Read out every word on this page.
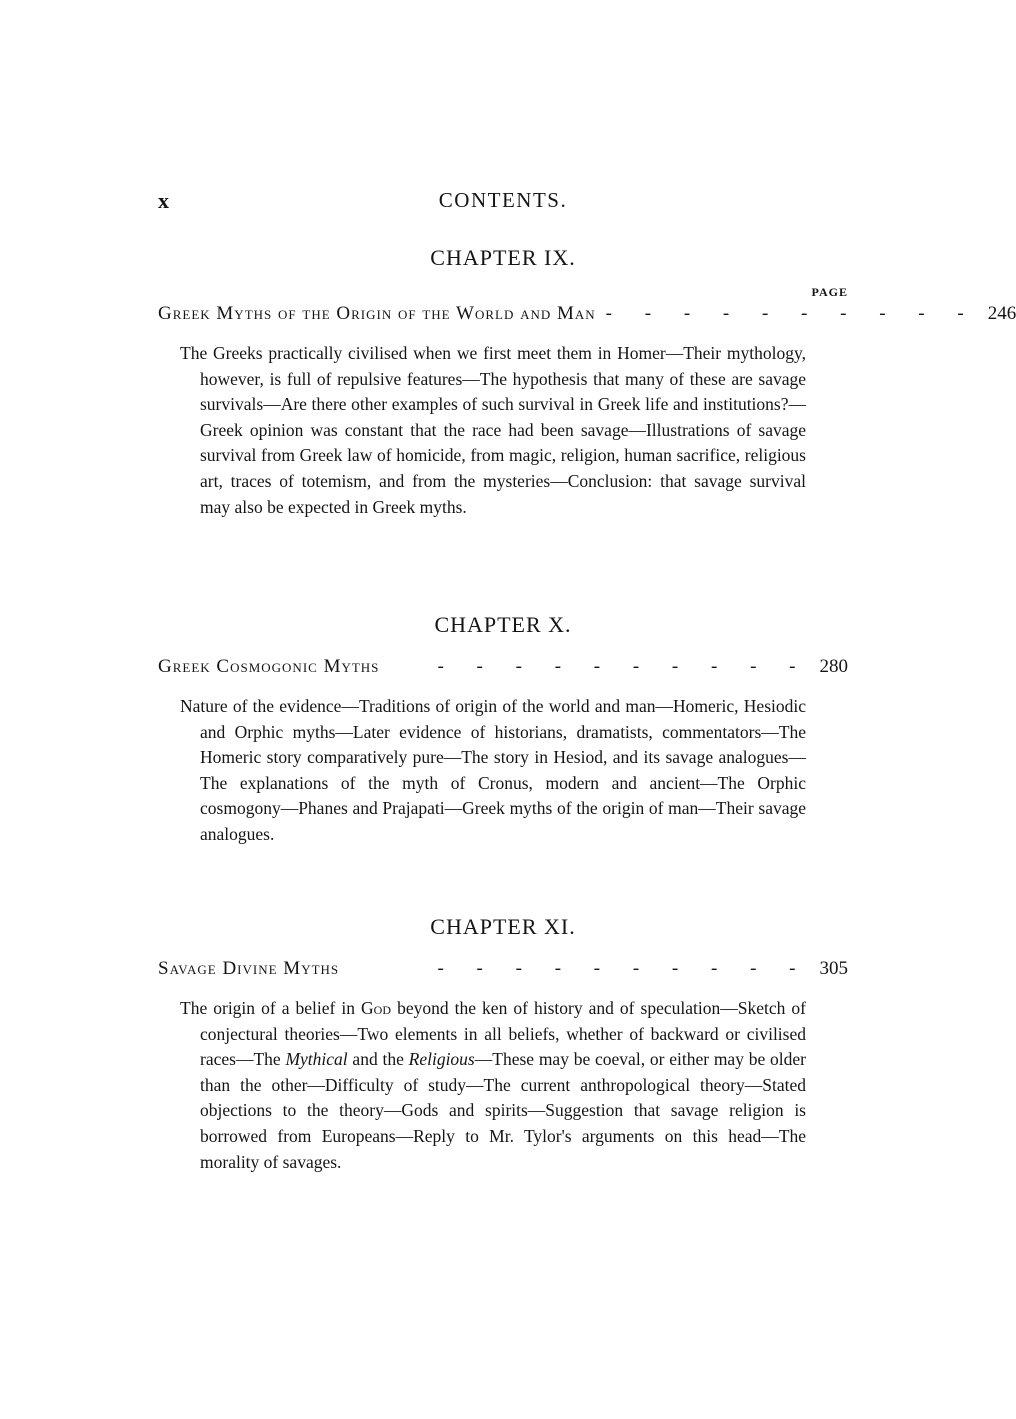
x	CONTENTS.
CHAPTER IX.
PAGE
Greek Myths of the Origin of the World and Man - - - - - - - - - - 246

The Greeks practically civilised when we first meet them in Homer—Their mythology, however, is full of repulsive features—The hypothesis that many of these are savage survivals—Are there other examples of such survival in Greek life and institutions?—Greek opinion was constant that the race had been savage—Illustrations of savage survival from Greek law of homicide, from magic, religion, human sacrifice, religious art, traces of totemism, and from the mysteries—Conclusion: that savage survival may also be expected in Greek myths.

CHAPTER X.
Greek Cosmogonic Myths	- - - - - - - - - - 280

Nature of the evidence—Traditions of origin of the world and man—Homeric, Hesiodic and Orphic myths—Later evidence of historians, dramatists, commentators—The Homeric story comparatively pure—The story in Hesiod, and its savage analogues—The explanations of the myth of Cronus, modern and ancient—The Orphic cosmogony—Phanes and Prajapati—Greek myths of the origin of man—Their savage analogues.

CHAPTER XI.
Savage Divine Myths	- - - - - - - - - - 305

The origin of a belief in God beyond the ken of history and of speculation—Sketch of conjectural theories—Two elements in all beliefs, whether of backward or civilised races—The Mythical and the Religious—These may be coeval, or either may be older than the other—Difficulty of study—The current anthropological theory—Stated objections to the theory—Gods and spirits—Suggestion that savage religion is borrowed from Europeans—Reply to Mr. Tylor's arguments on this head—The morality of savages.
